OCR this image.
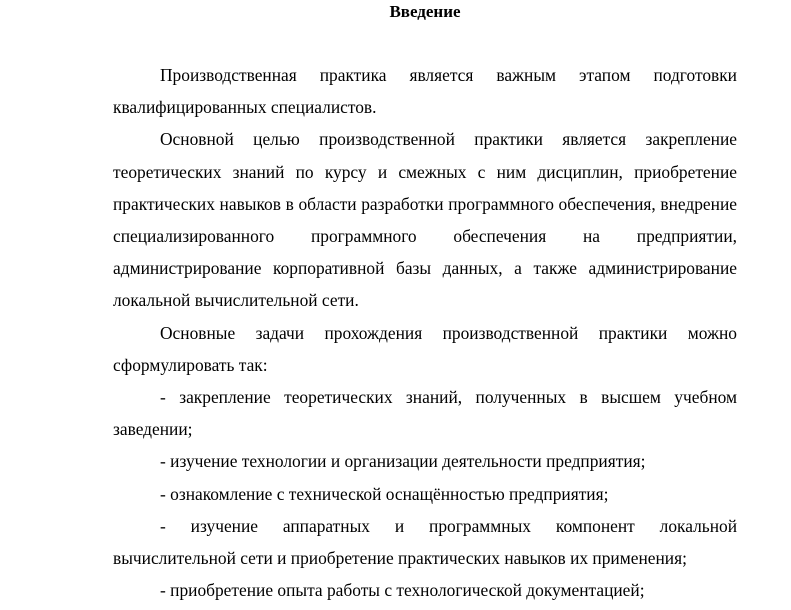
Введение

Производственная практика является важным этапом подготовки квалифицированных специалистов.

Основной целью производственной практики является закрепление теоретических знаний по курсу и смежных с ним дисциплин, приобретение практических навыков в области разработки программного обеспечения, внедрение специализированного программного обеспечения на предприятии, администрирование корпоративной базы данных, а также администрирование локальной вычислительной сети.

Основные задачи прохождения производственной практики можно сформулировать так:

- закрепление теоретических знаний, полученных в высшем учебном заведении;

- изучение технологии и организации деятельности предприятия;

- ознакомление с технической оснащённостью предприятия;

- изучение аппаратных и программных компонент локальной вычислительной сети и приобретение практических навыков их применения;

- приобретение опыта работы с технологической документацией;
